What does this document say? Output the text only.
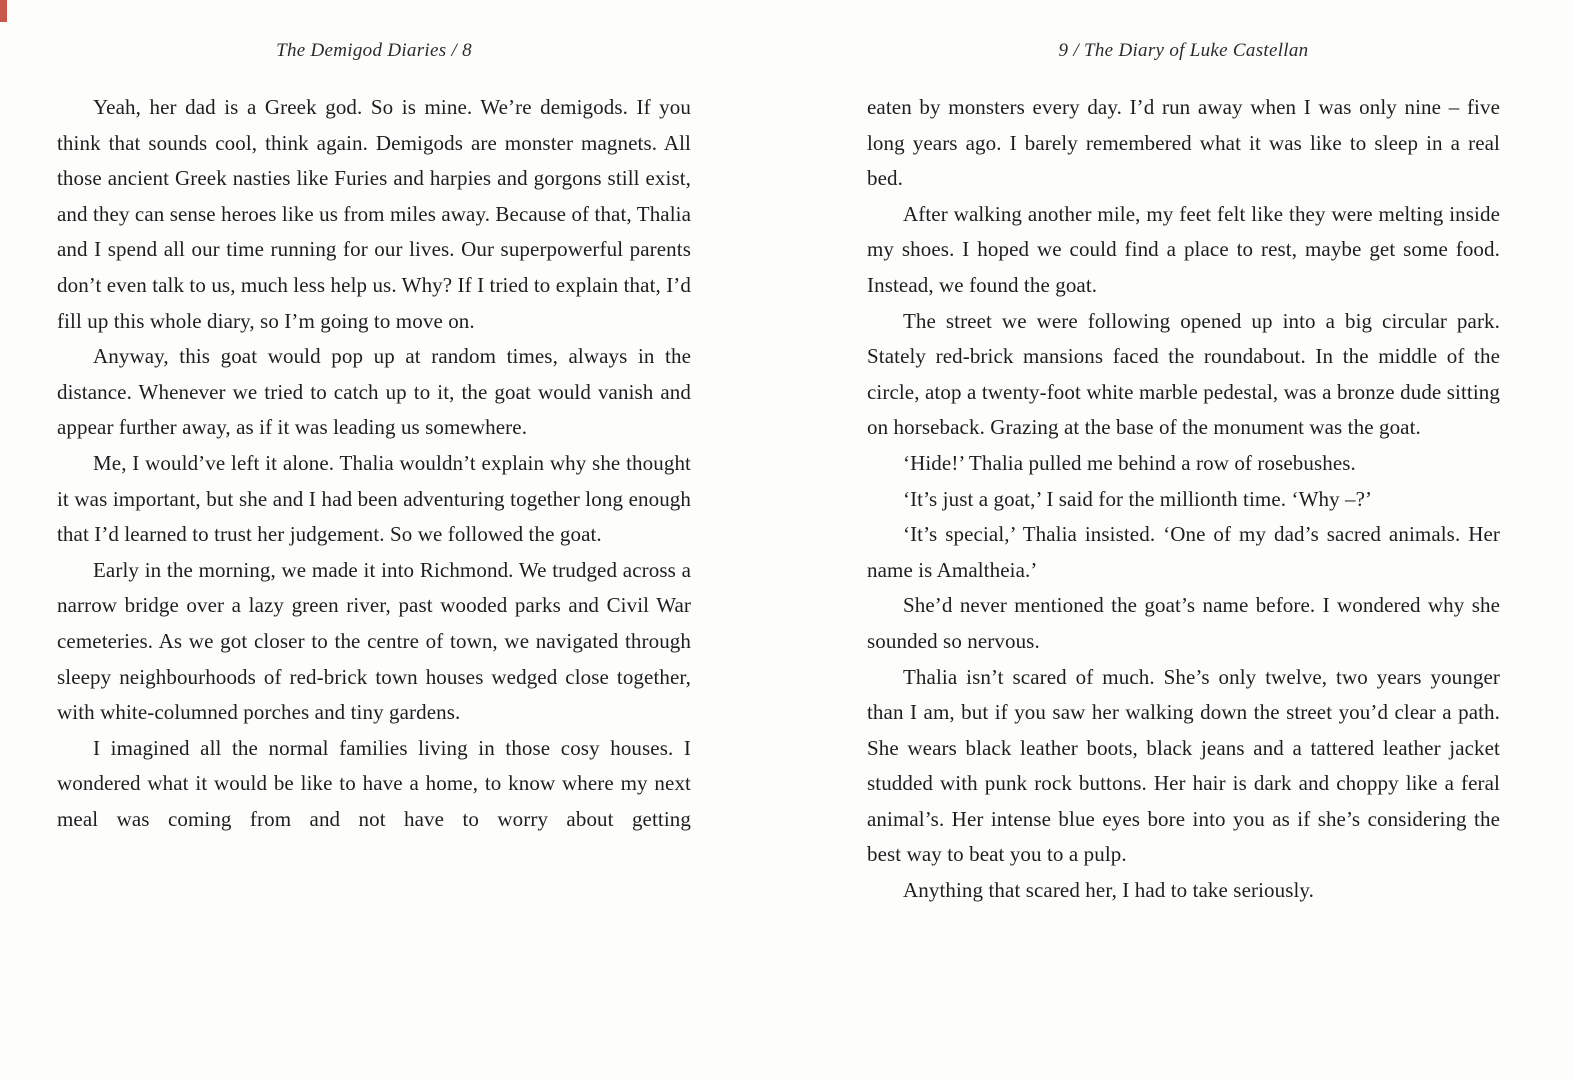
The Demigod Diaries / 8

Yeah, her dad is a Greek god. So is mine. We’re demigods. If you think that sounds cool, think again. Demigods are monster magnets. All those ancient Greek nasties like Furies and harpies and gorgons still exist, and they can sense heroes like us from miles away. Because of that, Thalia and I spend all our time running for our lives. Our superpowerful parents don’t even talk to us, much less help us. Why? If I tried to explain that, I’d fill up this whole diary, so I’m going to move on.

Anyway, this goat would pop up at random times, always in the distance. Whenever we tried to catch up to it, the goat would vanish and appear further away, as if it was leading us somewhere.

Me, I would’ve left it alone. Thalia wouldn’t explain why she thought it was important, but she and I had been adventuring together long enough that I’d learned to trust her judgement. So we followed the goat.

Early in the morning, we made it into Richmond. We trudged across a narrow bridge over a lazy green river, past wooded parks and Civil War cemeteries. As we got closer to the centre of town, we navigated through sleepy neighbourhoods of red-brick town houses wedged close together, with white-columned porches and tiny gardens.

I imagined all the normal families living in those cosy houses. I wondered what it would be like to have a home, to know where my next meal was coming from and not have to worry about getting

9 / The Diary of Luke Castellan

eaten by monsters every day. I’d run away when I was only nine – five long years ago. I barely remembered what it was like to sleep in a real bed.

After walking another mile, my feet felt like they were melting inside my shoes. I hoped we could find a place to rest, maybe get some food. Instead, we found the goat.

The street we were following opened up into a big circular park. Stately red-brick mansions faced the roundabout. In the middle of the circle, atop a twenty-foot white marble pedestal, was a bronze dude sitting on horseback. Grazing at the base of the monument was the goat.

‘Hide!’ Thalia pulled me behind a row of rosebushes.

‘It’s just a goat,’ I said for the millionth time. ‘Why –?’

‘It’s special,’ Thalia insisted. ‘One of my dad’s sacred animals. Her name is Amaltheia.’

She’d never mentioned the goat’s name before. I wondered why she sounded so nervous.

Thalia isn’t scared of much. She’s only twelve, two years younger than I am, but if you saw her walking down the street you’d clear a path. She wears black leather boots, black jeans and a tattered leather jacket studded with punk rock buttons. Her hair is dark and choppy like a feral animal’s. Her intense blue eyes bore into you as if she’s considering the best way to beat you to a pulp.

Anything that scared her, I had to take seriously.
